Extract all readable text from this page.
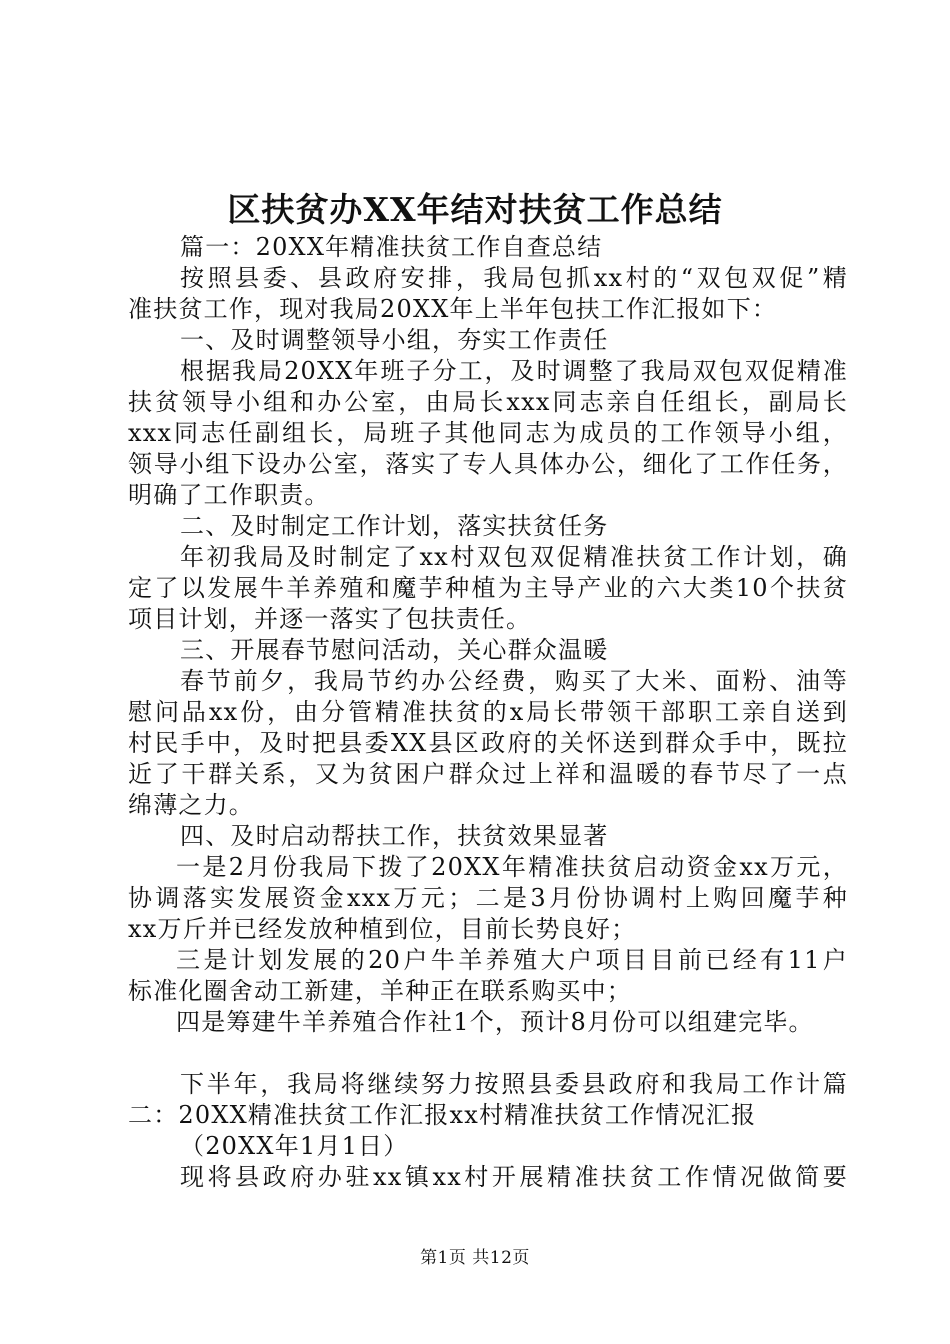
区扶贫办XX年结对扶贫工作总结
篇一：20XX年精准扶贫工作自查总结
按照县委、县政府安排，我局包抓xx村的“双包双促”精
准扶贫工作，现对我局20XX年上半年包扶工作汇报如下：
一、及时调整领导小组，夯实工作责任
根据我局20XX年班子分工，及时调整了我局双包双促精准
扶贫领导小组和办公室，由局长xxx同志亲自任组长，副局长
xxx同志任副组长，局班子其他同志为成员的工作领导小组，
领导小组下设办公室，落实了专人具体办公，细化了工作任务，
明确了工作职责。
二、及时制定工作计划，落实扶贫任务
年初我局及时制定了xx村双包双促精准扶贫工作计划，确
定了以发展牛羊养殖和魔芋种植为主导产业的六大类10个扶贫
项目计划，并逐一落实了包扶责任。
三、开展春节慰问活动，关心群众温暖
春节前夕，我局节约办公经费，购买了大米、面粉、油等
慰问品xx份，由分管精准扶贫的x局长带领干部职工亲自送到
村民手中，及时把县委XX县区政府的关怀送到群众手中，既拉
近了干群关系，又为贫困户群众过上祥和温暖的春节尽了一点
绵薄之力。
四、及时启动帮扶工作，扶贫效果显著
一是2月份我局下拨了20XX年精准扶贫启动资金xx万元，
协调落实发展资金xxx万元；二是3月份协调村上购回魔芋种
xx万斤并已经发放种植到位，目前长势良好；
三是计划发展的20户牛羊养殖大户项目目前已经有11户
标准化圈舍动工新建，羊种正在联系购买中；
四是筹建牛羊养殖合作社1个，预计8月份可以组建完毕。
下半年，我局将继续努力按照县委县政府和我局工作计篇
二：20XX精准扶贫工作汇报xx村精准扶贫工作情况汇报
（20XX年1月1日）
现将县政府办驻xx镇xx村开展精准扶贫工作情况做简要
第1页 共12页
